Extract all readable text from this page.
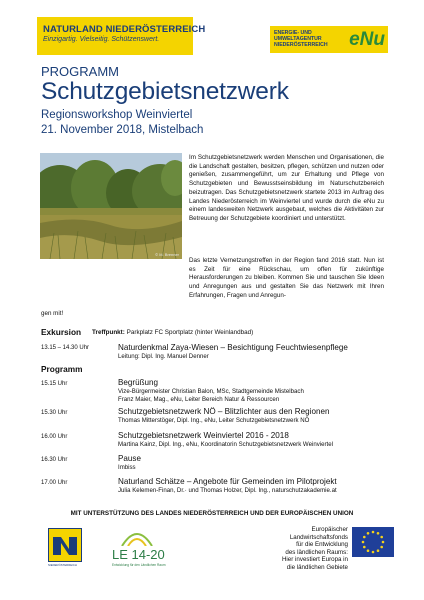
NATURLAND NIEDERÖSTERREICH
Einzigartig. Vielseitig. Schützenswert.
ENERGIE- UND
UMWELTAGENTUR
NIEDERÖSTERREICH	eNu
PROGRAMM
Schutzgebietsnetzwerk
Regionsworkshop Weinviertel
21. November 2018, Mistelbach
© M. Brenner
Im Schutzgebietsnetzwerk werden Menschen und Organisationen, die die Landschaft gestalten, besitzen, pflegen, schützen und nutzen oder genießen, zusammengeführt, um zur Erhaltung und Pflege von Schutzgebieten und Bewusstseinsbildung im Naturschutzbereich beizutragen. Das Schutzgebietsnetzwerk startete 2013 im Auftrag des Landes Niederösterreich im Weinviertel und wurde durch die eNu zu einem landesweiten Netzwerk ausgebaut, welches die Aktivitäten zur Betreuung der Schutzgebiete koordiniert und unterstützt.
Das letzte Vernetzungstreffen in der Region fand 2016 statt. Nun ist es Zeit für eine Rückschau, um offen für zukünftige Herausforderungen zu bleiben. Kommen Sie und tauschen Sie Ideen und Anregungen aus und gestalten Sie das Netzwerk mit Ihren Erfahrungen, Fragen und Anregun-
gen mit!
Exkursion Treffpunkt: Parkplatz FC Sportplatz (hinter Weinlandbad)
13.15 – 14.30 Uhr	Naturdenkmal Zaya-Wiesen – Besichtigung Feuchtwiesenpflege
Leitung: Dipl. Ing. Manuel Denner
Programm
15.15 Uhr	Begrüßung
Vize-Bürgermeister Christian Balon, MSc, Stadtgemeinde Mistelbach
Franz Maier, Mag., eNu, Leiter Bereich Natur & Ressourcen
15.30 Uhr	Schutzgebietsnetzwerk NÖ – Blitzlichter aus den Regionen
Thomas Mitterstöger, Dipl. Ing., eNu, Leiter Schutzgebietsnetzwerk NÖ
16.00 Uhr	Schutzgebietsnetzwerk Weinviertel 2016 - 2018
Martina Kainz, Dipl. Ing., eNu, Koordinatorin Schutzgebietsnetzwerk Weinviertel
16.30 Uhr	Pause
Imbiss
17.00 Uhr	Naturland Schätze – Angebote für Gemeinden im Pilotprojekt
Julia Kelemen-Finan, Dr.· und Thomas Holzer, Dipl. Ing., naturschutzakademie.at
MIT UNTERSTÜTZUNG DES LANDES NIEDERÖSTERREICH UND DER EUROPÄISCHEN UNION
NIEDERÖSTERREICH
LE 14-20
Entwicklung für den Ländlichen Raum
Europäischer
Landwirtschaftsfonds
für die Entwicklung
des ländlichen Raums:
Hier investiert Europa in
die ländlichen Gebiete
